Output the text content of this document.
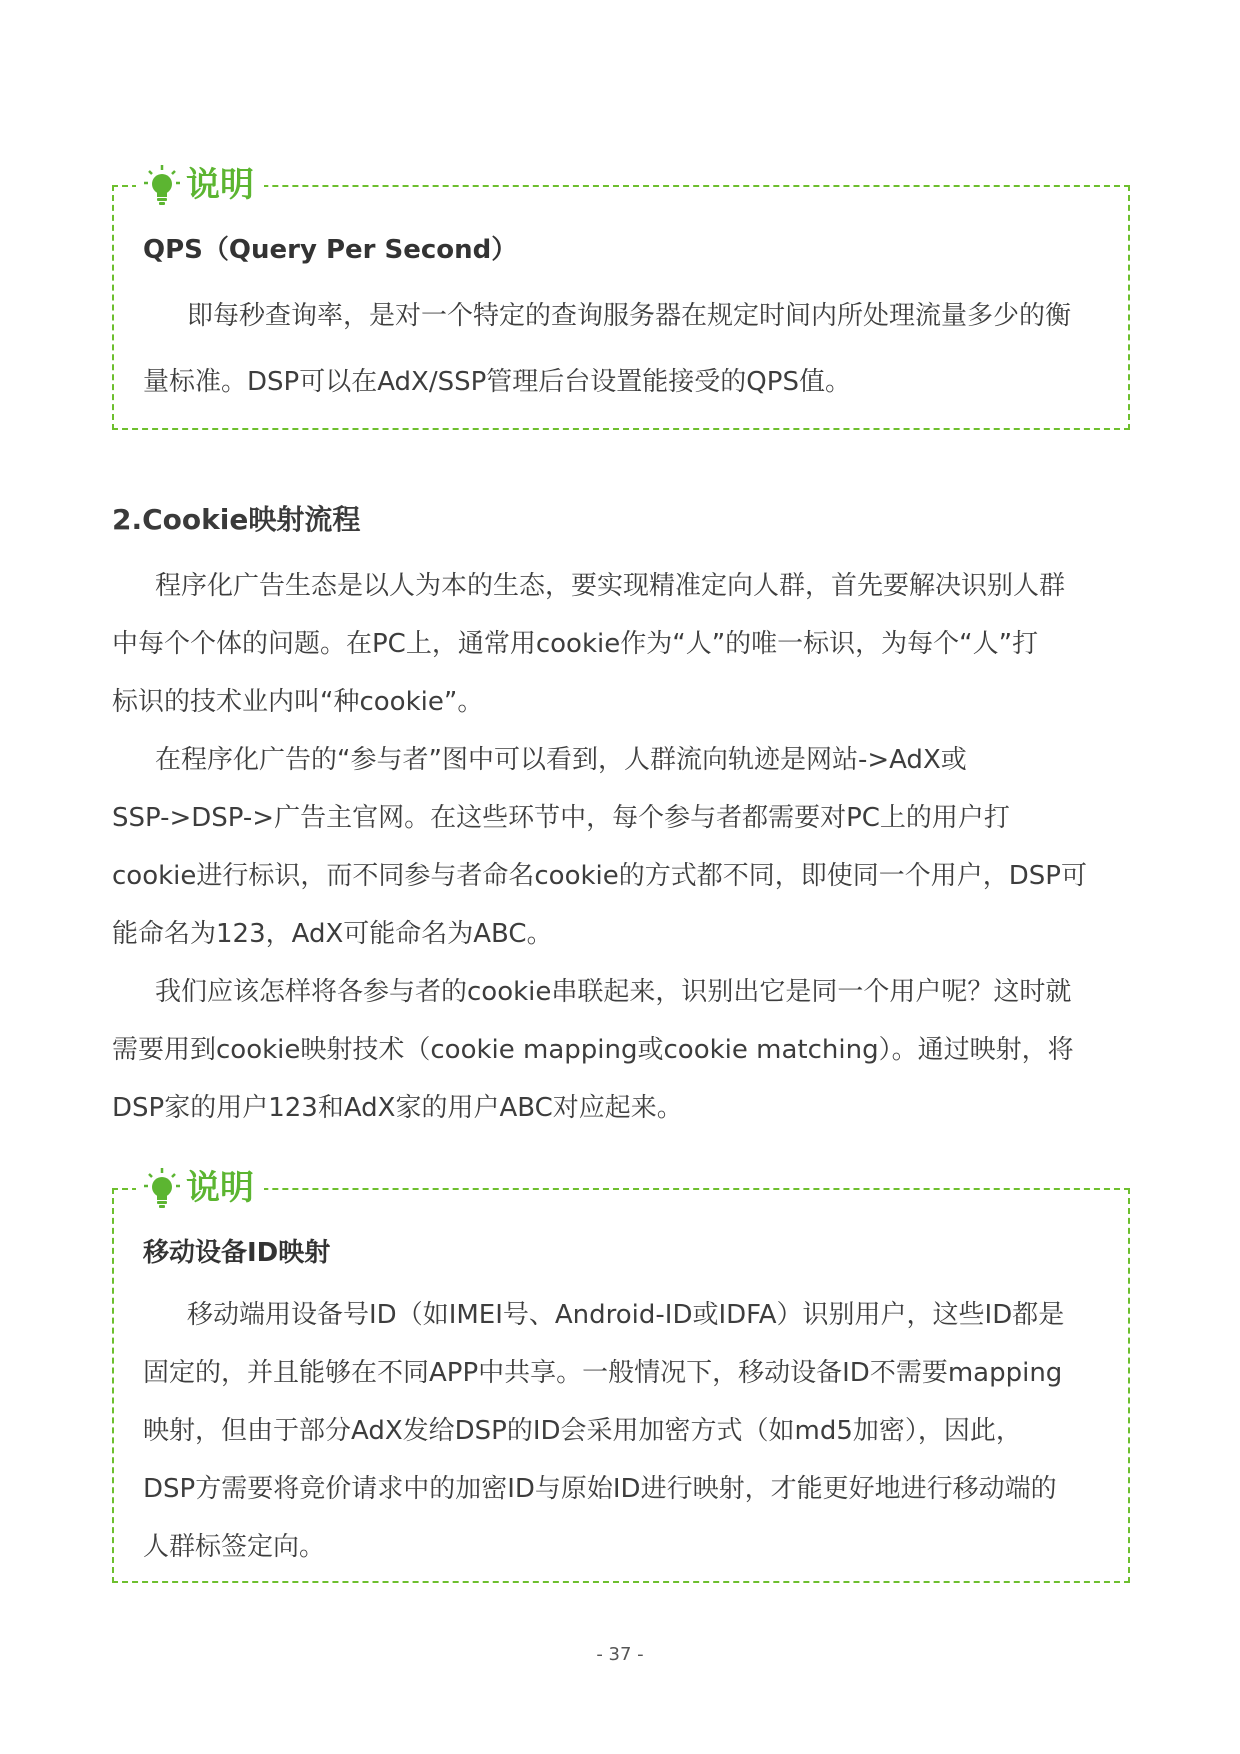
说明
QPS（Query Per Second）
即每秒查询率，是对一个特定的查询服务器在规定时间内所处理流量多少的衡
量标准。DSP可以在AdX/SSP管理后台设置能接受的QPS值。
2.Cookie映射流程
程序化广告生态是以人为本的生态，要实现精准定向人群，首先要解决识别人群
中每个个体的问题。在PC上，通常用cookie作为“人”的唯一标识，为每个“人”打
标识的技术业内叫“种cookie”。
在程序化广告的“参与者”图中可以看到，人群流向轨迹是网站->AdX或
SSP->DSP->广告主官网。在这些环节中，每个参与者都需要对PC上的用户打
cookie进行标识，而不同参与者命名cookie的方式都不同，即使同一个用户，DSP可
能命名为123，AdX可能命名为ABC。
我们应该怎样将各参与者的cookie串联起来，识别出它是同一个用户呢？这时就
需要用到cookie映射技术（cookie mapping或cookie matching）。通过映射，将
DSP家的用户123和AdX家的用户ABC对应起来。
说明
移动设备ID映射
移动端用设备号ID（如IMEI号、Android-ID或IDFA）识别用户，这些ID都是
固定的，并且能够在不同APP中共享。一般情况下，移动设备ID不需要mapping
映射，但由于部分AdX发给DSP的ID会采用加密方式（如md5加密），因此，
DSP方需要将竞价请求中的加密ID与原始ID进行映射，才能更好地进行移动端的
人群标签定向。
- 37 -
